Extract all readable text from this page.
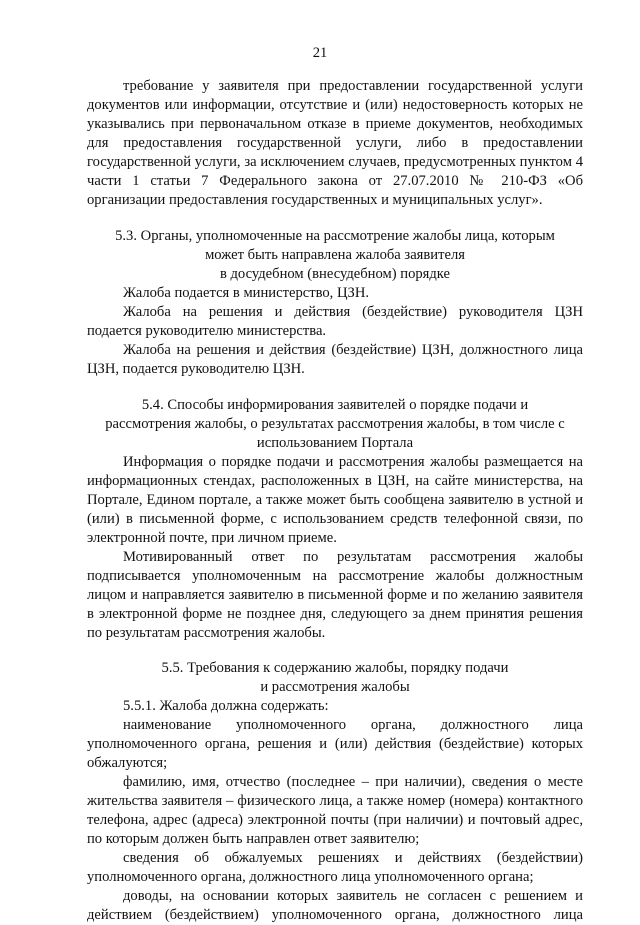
21

требование у заявителя при предоставлении государственной услуги документов или информации, отсутствие и (или) недостоверность которых не указывались при первоначальном отказе в приеме документов, необходимых для предоставления государственной услуги, либо в предоставлении государственной услуги, за исключением случаев, предусмотренных пунктом 4 части 1 статьи 7 Федерального закона от 27.07.2010 № 210-ФЗ «Об организации предоставления государственных и муниципальных услуг».

5.3. Органы, уполномоченные на рассмотрение жалобы лица, которым

может быть направлена жалоба заявителя

в досудебном (внесудебном) порядке

Жалоба подается в министерство, ЦЗН.

Жалоба на решения и действия (бездействие) руководителя ЦЗН подается руководителю министерства.

Жалоба на решения и действия (бездействие) ЦЗН, должностного лица ЦЗН, подается руководителю ЦЗН.

5.4. Способы информирования заявителей о порядке подачи и

рассмотрения жалобы, о результатах рассмотрения жалобы, в том числе с

использованием Портала

Информация о порядке подачи и рассмотрения жалобы размещается на информационных стендах, расположенных в ЦЗН, на сайте министерства, на Портале, Едином портале, а также может быть сообщена заявителю в устной и (или) в письменной форме, с использованием средств телефонной связи, по электронной почте, при личном приеме.

Мотивированный ответ по результатам рассмотрения жалобы подписывается уполномоченным на рассмотрение жалобы должностным лицом и направляется заявителю в письменной форме и по желанию заявителя в электронной форме не позднее дня, следующего за днем принятия решения по результатам рассмотрения жалобы.

5.5. Требования к содержанию жалобы, порядку подачи

и рассмотрения жалобы

5.5.1. Жалоба должна содержать:

наименование уполномоченного органа, должностного лица уполномоченного органа, решения и (или) действия (бездействие) которых обжалуются;

фамилию, имя, отчество (последнее – при наличии), сведения о месте жительства заявителя – физического лица, а также номер (номера) контактного телефона, адрес (адреса) электронной почты (при наличии) и почтовый адрес, по которым должен быть направлен ответ заявителю;

сведения об обжалуемых решениях и действиях (бездействии) уполномоченного органа, должностного лица уполномоченного органа;

доводы, на основании которых заявитель не согласен с решением и действием (бездействием) уполномоченного органа, должностного лица
